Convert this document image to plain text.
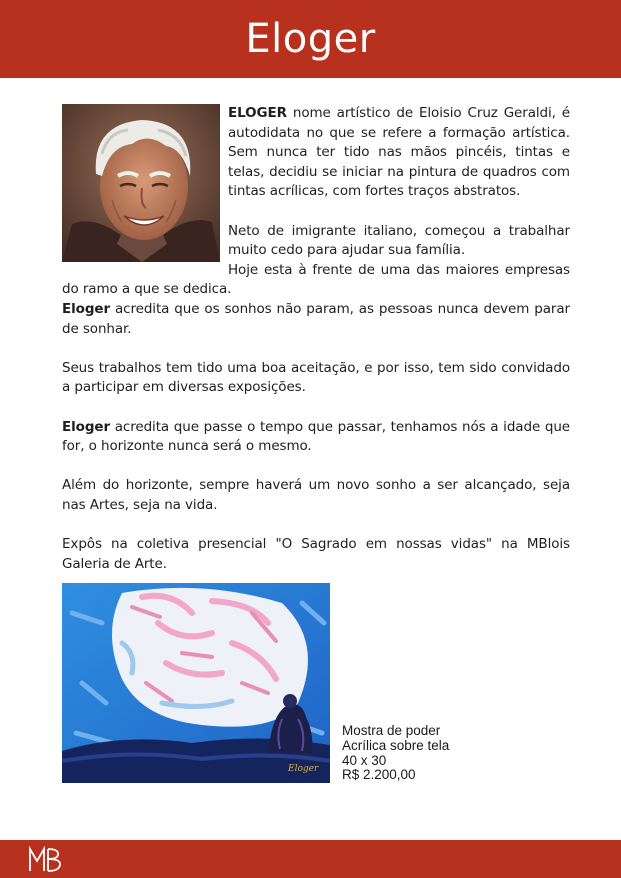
Eloger

ELOGER nome artístico de Eloisio Cruz Geraldi, é autodidata no que se refere a formação artística. Sem nunca ter tido nas mãos pincéis, tintas e telas, decidiu se iniciar na pintura de quadros com tintas acrílicas, com fortes traços abstratos.

Neto de imigrante italiano, começou a trabalhar muito cedo para ajudar sua família.
Hoje esta à frente de uma das maiores empresas do ramo a que se dedica.
Eloger acredita que os sonhos não param, as pessoas nunca devem parar de sonhar.

Seus trabalhos tem tido uma boa aceitação, e por isso, tem sido convidado a participar em diversas exposições.

Eloger acredita que passe o tempo que passar, tenhamos nós a idade que for, o horizonte nunca será o mesmo.

Além do horizonte, sempre haverá um novo sonho a ser alcançado, seja nas Artes, seja na vida.

Expôs na coletiva presencial "O Sagrado em nossas vidas" na MBlois Galeria de Arte.

Eloger
Mostra de poder
Acrílica sobre tela
40 x 30
R$ 2.200,00
MB
